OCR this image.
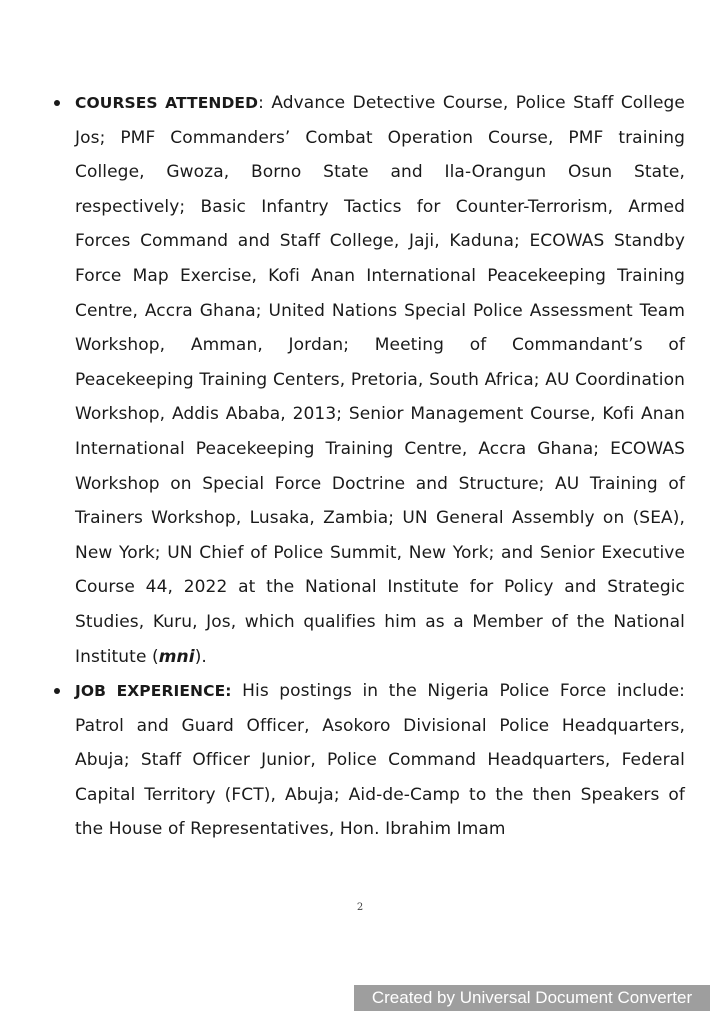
COURSES ATTENDED: Advance Detective Course, Police Staff College Jos; PMF Commanders’ Combat Operation Course, PMF training College, Gwoza, Borno State and Ila-Orangun Osun State, respectively; Basic Infantry Tactics for Counter-Terrorism, Armed Forces Command and Staff College, Jaji, Kaduna; ECOWAS Standby Force Map Exercise, Kofi Anan International Peacekeeping Training Centre, Accra Ghana; United Nations Special Police Assessment Team Workshop, Amman, Jordan; Meeting of Commandant’s of Peacekeeping Training Centers, Pretoria, South Africa; AU Coordination Workshop, Addis Ababa, 2013; Senior Management Course, Kofi Anan International Peacekeeping Training Centre, Accra Ghana; ECOWAS Workshop on Special Force Doctrine and Structure; AU Training of Trainers Workshop, Lusaka, Zambia; UN General Assembly on (SEA), New York; UN Chief of Police Summit, New York; and Senior Executive Course 44, 2022 at the National Institute for Policy and Strategic Studies, Kuru, Jos, which qualifies him as a Member of the National Institute (mni).
JOB EXPERIENCE: His postings in the Nigeria Police Force include: Patrol and Guard Officer, Asokoro Divisional Police Headquarters, Abuja; Staff Officer Junior, Police Command Headquarters, Federal Capital Territory (FCT), Abuja; Aid-de-Camp to the then Speakers of the House of Representatives, Hon. Ibrahim Imam
2
Created by Universal Document Converter
